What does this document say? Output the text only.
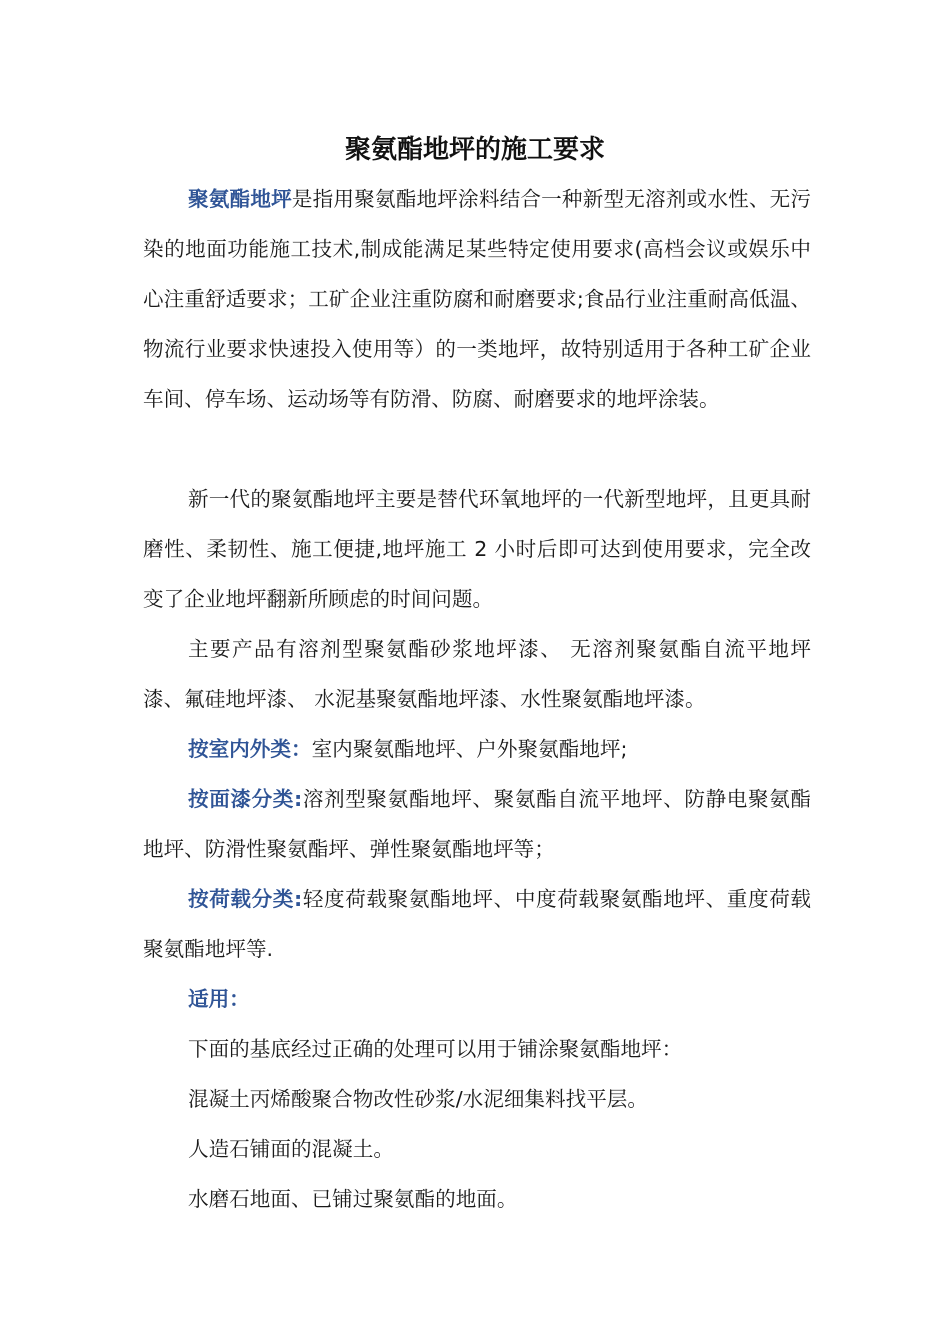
聚氨酯地坪的施工要求

聚氨酯地坪是指用聚氨酯地坪涂料结合一种新型无溶剂或水性、无污染的地面功能施工技术,制成能满足某些特定使用要求(高档会议或娱乐中心注重舒适要求；工矿企业注重防腐和耐磨要求;食品行业注重耐高低温、物流行业要求快速投入使用等）的一类地坪，故特别适用于各种工矿企业车间、停车场、运动场等有防滑、防腐、耐磨要求的地坪涂装。

新一代的聚氨酯地坪主要是替代环氧地坪的一代新型地坪，且更具耐磨性、柔韧性、施工便捷,地坪施工 2 小时后即可达到使用要求，完全改变了企业地坪翻新所顾虑的时间问题。

主要产品有溶剂型聚氨酯砂浆地坪漆、 无溶剂聚氨酯自流平地坪漆、氟硅地坪漆、 水泥基聚氨酯地坪漆、水性聚氨酯地坪漆。

按室内外类：室内聚氨酯地坪、户外聚氨酯地坪;

按面漆分类:溶剂型聚氨酯地坪、聚氨酯自流平地坪、防静电聚氨酯地坪、防滑性聚氨酯坪、弹性聚氨酯地坪等；

按荷载分类:轻度荷载聚氨酯地坪、中度荷载聚氨酯地坪、重度荷载聚氨酯地坪等.

适用：
下面的基底经过正确的处理可以用于铺涂聚氨酯地坪：
混凝土丙烯酸聚合物改性砂浆/水泥细集料找平层。
人造石铺面的混凝土。
水磨石地面、已铺过聚氨酯的地面。
